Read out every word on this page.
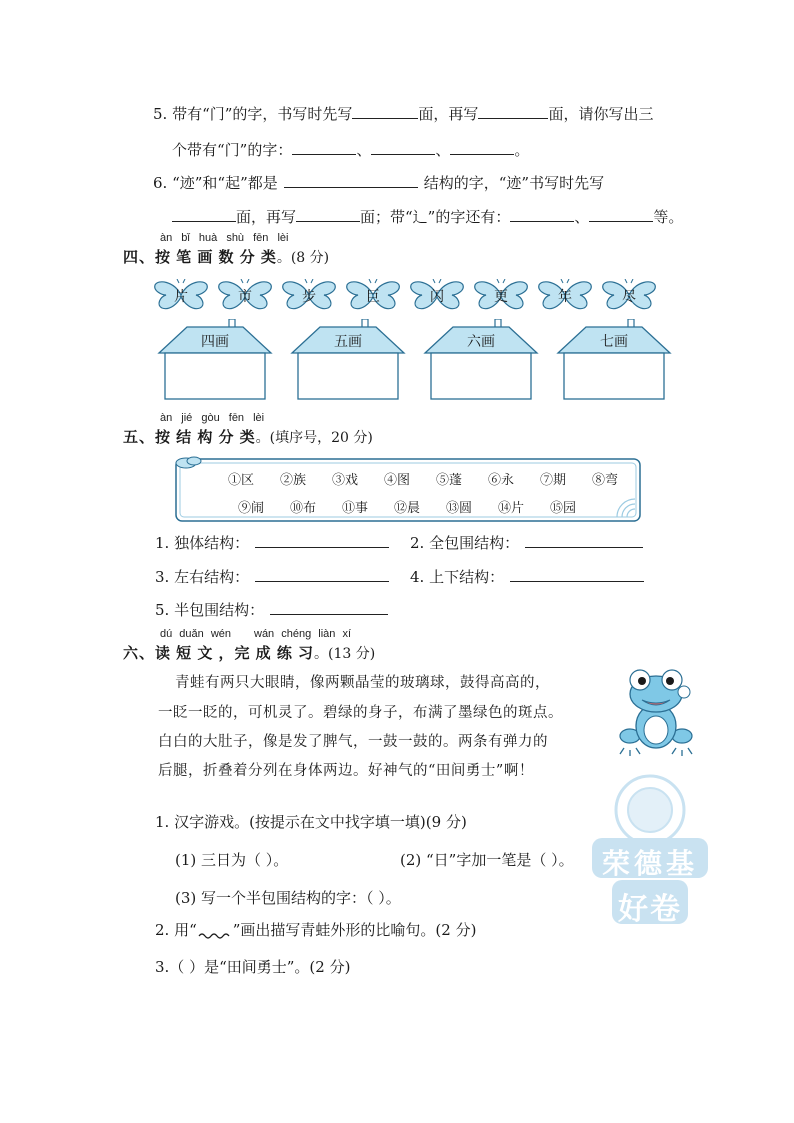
5. 带有“门”的字，书写时先写	面，再写	面，请你写出三
个带有“门”的字：	、	、	。
6. “迹”和“起”都是	结构的字，“迹”书写时先写
面，再写	面；带“辶”的字还有：	、	等。
àn bǐ huà shù fēn lèi
四、按 笔 画 数 分 类。(8 分)
片	市	步	巨	闪	更	年	尽
四画	五画	六画	七画
àn jié gòu fēn lèi
五、按 结 构 分 类。(填序号，20 分)
①区 ②族 ③戏 ④图 ⑤蓬 ⑥永 ⑦期 ⑧弯
⑨闹 ⑩布 ⑪事 ⑫晨 ⑬圆 ⑭片 ⑮园
1. 独体结构：	2. 全包围结构：
3. 左右结构：	4. 上下结构：
5. 半包围结构：
dú duǎn wén wán chéng liàn xí
六、读 短 文 ，完 成 练 习。(13 分)
青蛙有两只大眼睛，像两颗晶莹的玻璃球，鼓得高高的，
一眨一眨的，可机灵了。碧绿的身子，布满了墨绿色的斑点。
白白的大肚子，像是发了脾气，一鼓一鼓的。两条有弹力的
后腿，折叠着分列在身体两边。好神气的“田间勇士”啊！
荣德基
好卷
1. 汉字游戏。(按提示在文中找字填一填)(9 分)
(1) 三日为（ ）。	(2) “日”字加一笔是（ ）。
(3) 写一个半包围结构的字：（ ）。
2. 用“ ”画出描写青蛙外形的比喻句。(2 分)
3.（ ）是“田间勇士”。(2 分)
